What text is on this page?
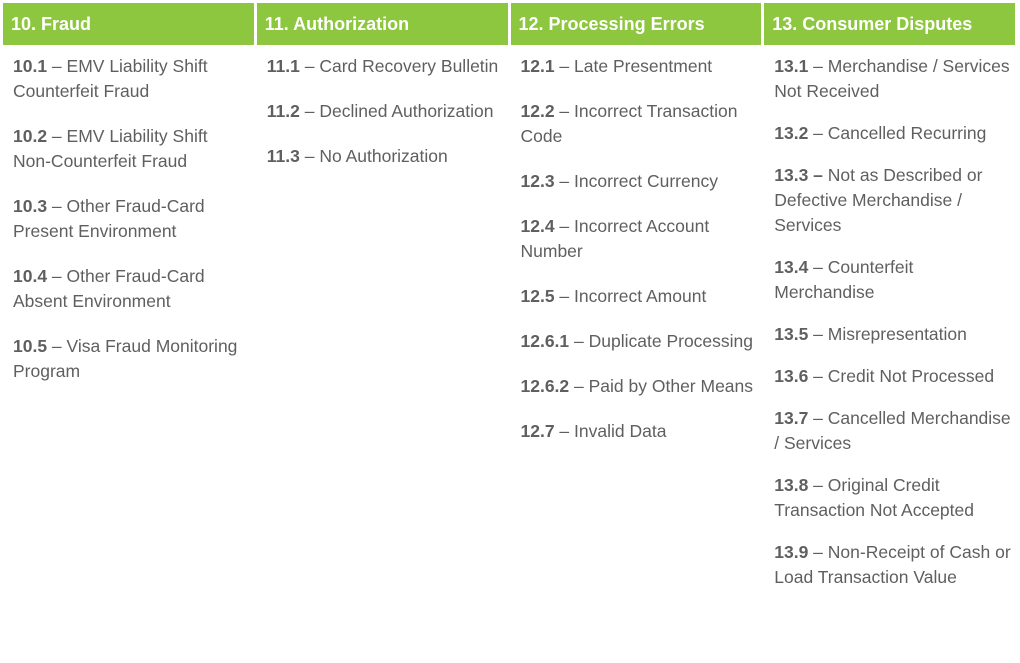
10. Fraud
10.1 – EMV Liability Shift Counterfeit Fraud
10.2 – EMV Liability Shift Non-Counterfeit Fraud
10.3 – Other Fraud-Card Present Environment
10.4 – Other Fraud-Card Absent Environment
10.5 – Visa Fraud Monitoring Program
11. Authorization
11.1 – Card Recovery Bulletin
11.2 – Declined Authorization
11.3 – No Authorization
12. Processing Errors
12.1 – Late Presentment
12.2 – Incorrect Transaction Code
12.3 – Incorrect Currency
12.4 – Incorrect Account Number
12.5 – Incorrect Amount
12.6.1 – Duplicate Processing
12.6.2 – Paid by Other Means
12.7 – Invalid Data
13. Consumer Disputes
13.1 – Merchandise / Services Not Received
13.2 – Cancelled Recurring
13.3 – Not as Described or Defective Merchandise / Services
13.4 – Counterfeit Merchandise
13.5 – Misrepresentation
13.6 – Credit Not Processed
13.7 – Cancelled Merchandise / Services
13.8 – Original Credit Transaction Not Accepted
13.9 – Non-Receipt of Cash or Load Transaction Value
